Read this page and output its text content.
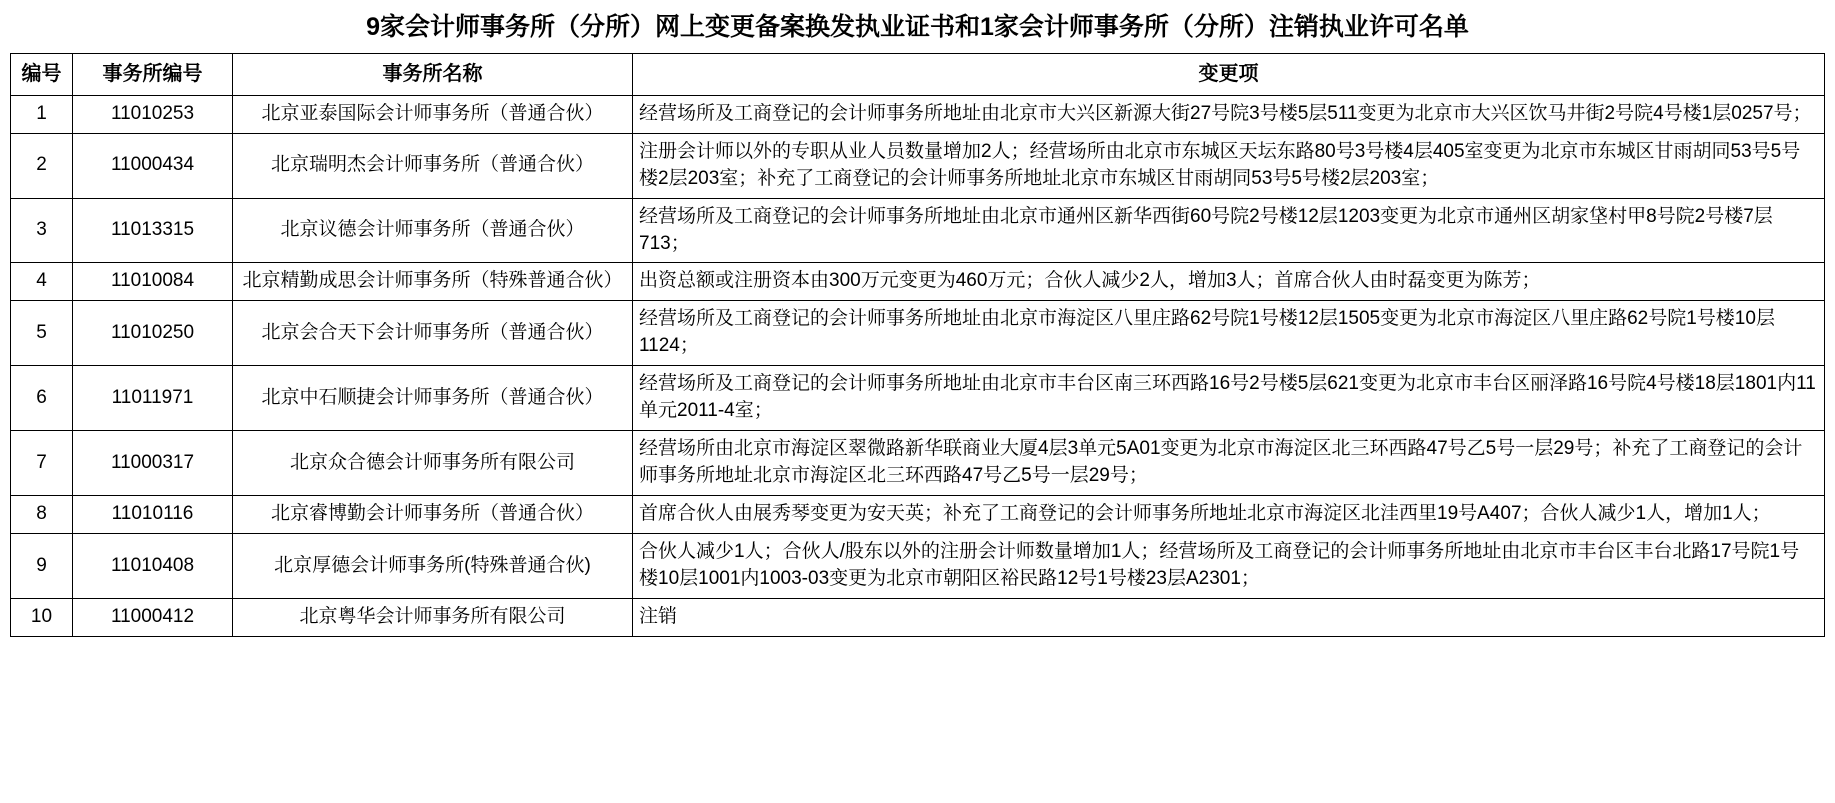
9家会计师事务所（分所）网上变更备案换发执业证书和1家会计师事务所（分所）注销执业许可名单
编号	事务所编号	事务所名称	变更项
1	11010253	北京亚泰国际会计师事务所（普通合伙）	经营场所及工商登记的会计师事务所地址由北京市大兴区新源大街27号院3号楼5层511变更为北京市大兴区饮马井街2号院4号楼1层0257号；
2	11000434	北京瑞明杰会计师事务所（普通合伙）	注册会计师以外的专职从业人员数量增加2人；经营场所由北京市东城区天坛东路80号3号楼4层405室变更为北京市东城区甘雨胡同53号5号楼2层203室；补充了工商登记的会计师事务所地址北京市东城区甘雨胡同53号5号楼2层203室；
3	11013315	北京议德会计师事务所（普通合伙）	经营场所及工商登记的会计师事务所地址由北京市通州区新华西街60号院2号楼12层1203变更为北京市通州区胡家垡村甲8号院2号楼7层713；
4	11010084	北京精勤成思会计师事务所（特殊普通合伙）	出资总额或注册资本由300万元变更为460万元；合伙人减少2人，增加3人；首席合伙人由时磊变更为陈芳；
5	11010250	北京会合天下会计师事务所（普通合伙）	经营场所及工商登记的会计师事务所地址由北京市海淀区八里庄路62号院1号楼12层1505变更为北京市海淀区八里庄路62号院1号楼10层1124；
6	11011971	北京中石顺捷会计师事务所（普通合伙）	经营场所及工商登记的会计师事务所地址由北京市丰台区南三环西路16号2号楼5层621变更为北京市丰台区丽泽路16号院4号楼18层1801内11单元2011-4室；
7	11000317	北京众合德会计师事务所有限公司	经营场所由北京市海淀区翠微路新华联商业大厦4层3单元5A01变更为北京市海淀区北三环西路47号乙5号一层29号；补充了工商登记的会计师事务所地址北京市海淀区北三环西路47号乙5号一层29号；
8	11010116	北京睿博勤会计师事务所（普通合伙）	首席合伙人由展秀琴变更为安天英；补充了工商登记的会计师事务所地址北京市海淀区北洼西里19号A407；合伙人减少1人，增加1人；
9	11010408	北京厚德会计师事务所(特殊普通合伙)	合伙人减少1人；合伙人/股东以外的注册会计师数量增加1人；经营场所及工商登记的会计师事务所地址由北京市丰台区丰台北路17号院1号楼10层1001内1003-03变更为北京市朝阳区裕民路12号1号楼23层A2301；
10	11000412	北京粤华会计师事务所有限公司	注销
